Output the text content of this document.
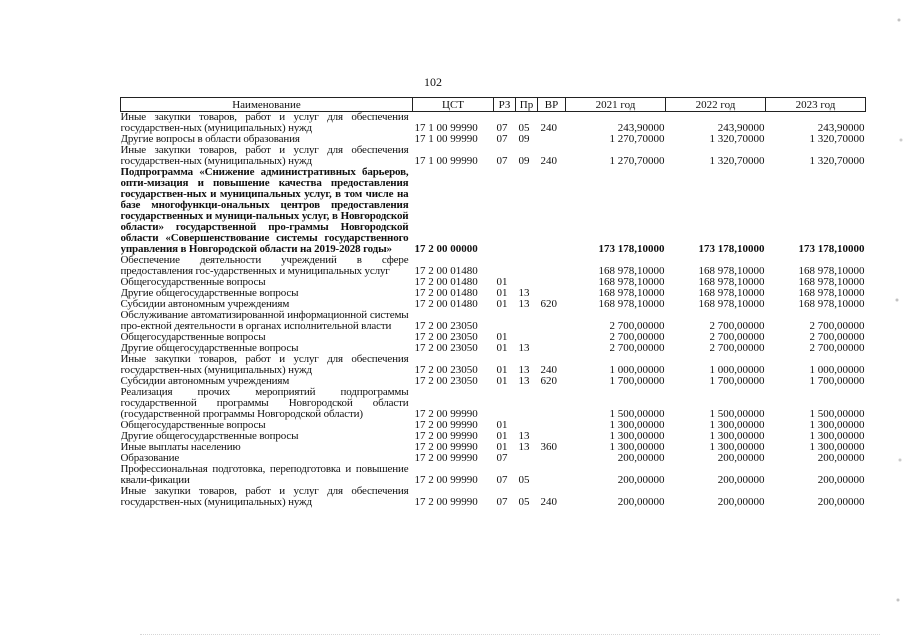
102
Наименование	ЦСТ	РЗ	Пр	ВР	2021 год	2022 год	2023 год
Иные закупки товаров, работ и услуг для обеспечения государствен-ных (муниципальных) нужд	17 1 00 99990	07	05	240	243,90000	243,90000	243,90000
Другие вопросы в области образования	17 1 00 99990	07	09		1 270,70000	1 320,70000	1 320,70000
Иные закупки товаров, работ и услуг для обеспечения государствен-ных (муниципальных) нужд	17 1 00 99990	07	09	240	1 270,70000	1 320,70000	1 320,70000
Подпрограмма «Снижение административных барьеров, опти-мизация и повышение качества предоставления государствен-ных и муниципальных услуг, в том числе на базе многофункци-ональных центров предоставления государственных и муници-пальных услуг, в Новгородской области» государственной про-граммы Новгородской области «Совершенствование системы государственного управления в Новгородской области на 2019-2028 годы»	17 2 00 00000				173 178,10000	173 178,10000	173 178,10000
Обеспечение деятельности учреждений в сфере предоставления гос-ударственных и муниципальных услуг	17 2 00 01480				168 978,10000	168 978,10000	168 978,10000
Общегосударственные вопросы	17 2 00 01480	01			168 978,10000	168 978,10000	168 978,10000
Другие общегосударственные вопросы	17 2 00 01480	01	13		168 978,10000	168 978,10000	168 978,10000
Субсидии автономным учреждениям	17 2 00 01480	01	13	620	168 978,10000	168 978,10000	168 978,10000
Обслуживание автоматизированной информационной системы про-ектной деятельности в органах исполнительной власти	17 2 00 23050				2 700,00000	2 700,00000	2 700,00000
Общегосударственные вопросы	17 2 00 23050	01			2 700,00000	2 700,00000	2 700,00000
Другие общегосударственные вопросы	17 2 00 23050	01	13		2 700,00000	2 700,00000	2 700,00000
Иные закупки товаров, работ и услуг для обеспечения государствен-ных (муниципальных) нужд	17 2 00 23050	01	13	240	1 000,00000	1 000,00000	1 000,00000
Субсидии автономным учреждениям	17 2 00 23050	01	13	620	1 700,00000	1 700,00000	1 700,00000
Реализация прочих мероприятий подпрограммы государственной программы Новгородской области (государственной программы Новгородской области)	17 2 00 99990				1 500,00000	1 500,00000	1 500,00000
Общегосударственные вопросы	17 2 00 99990	01			1 300,00000	1 300,00000	1 300,00000
Другие общегосударственные вопросы	17 2 00 99990	01	13		1 300,00000	1 300,00000	1 300,00000
Иные выплаты населению	17 2 00 99990	01	13	360	1 300,00000	1 300,00000	1 300,00000
Образование	17 2 00 99990	07			200,00000	200,00000	200,00000
Профессиональная подготовка, переподготовка и повышение квали-фикации	17 2 00 99990	07	05		200,00000	200,00000	200,00000
Иные закупки товаров, работ и услуг для обеспечения государствен-ных (муниципальных) нужд	17 2 00 99990	07	05	240	200,00000	200,00000	200,00000
